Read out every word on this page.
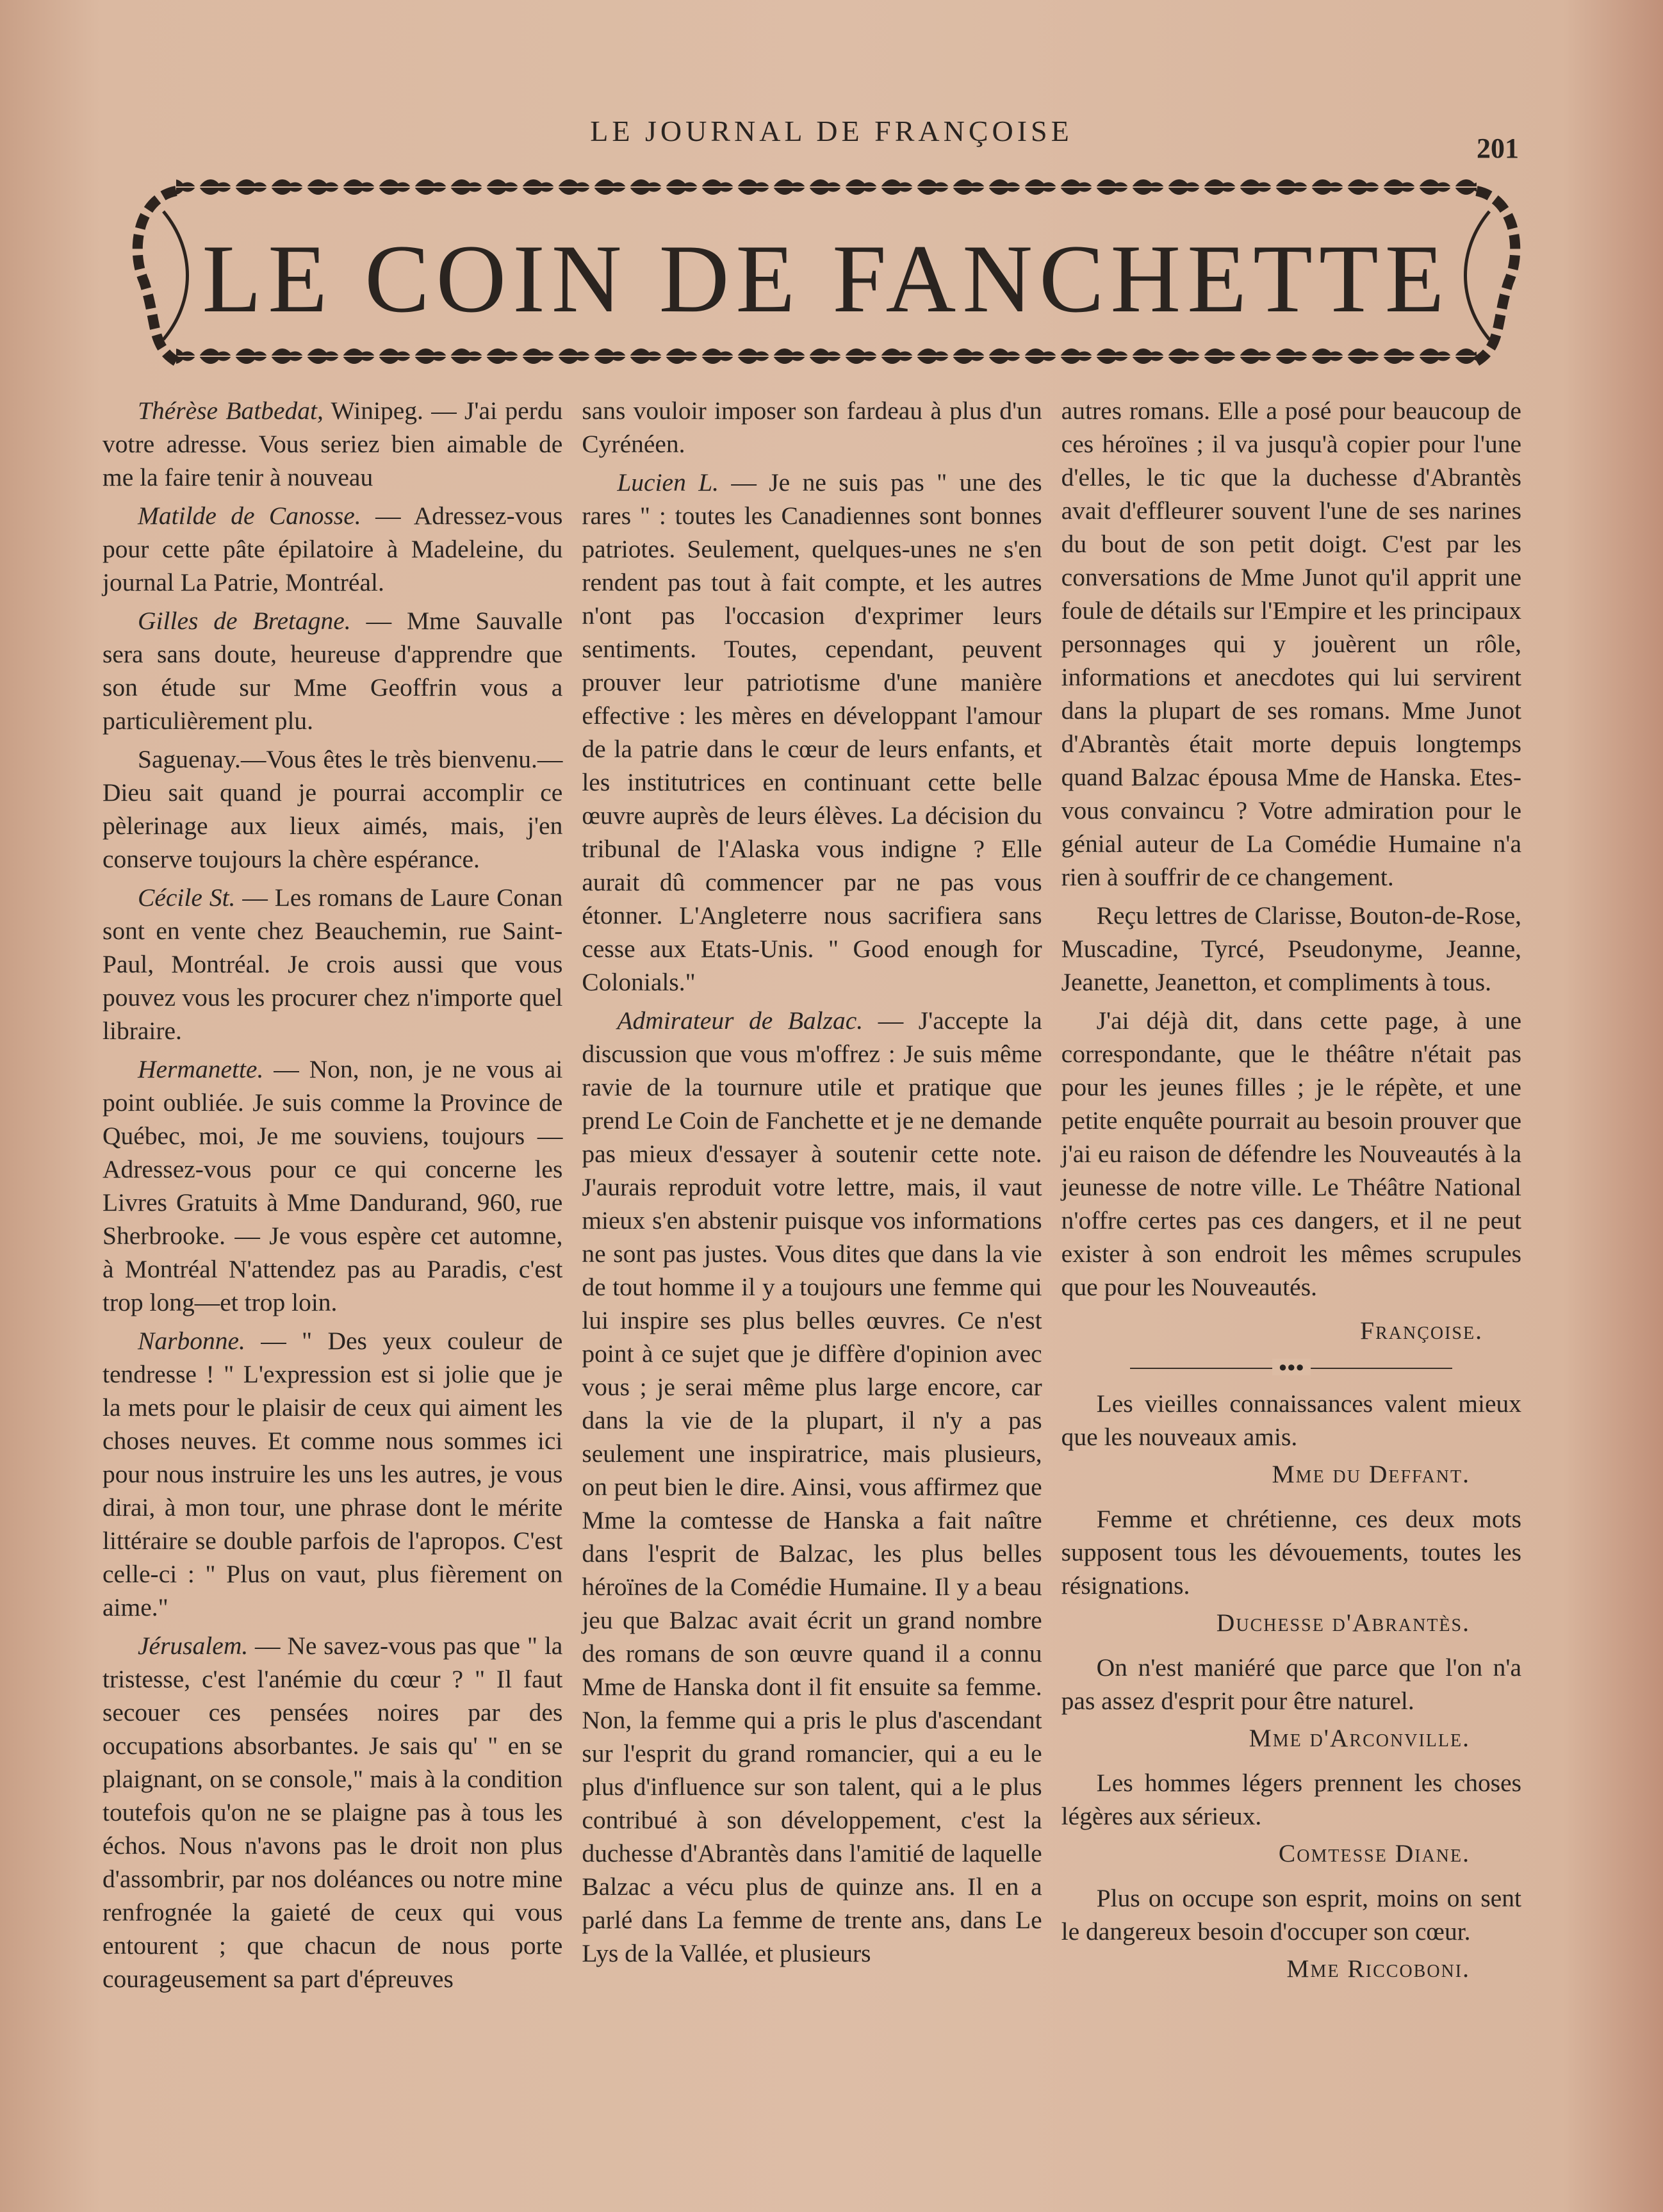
LE JOURNAL DE FRANÇOISE
201
LE COIN DE FANCHETTE

Thérèse Batbedat, Winipeg. — J'ai perdu votre adresse. Vous seriez bien aimable de me la faire tenir à nouveau

Matilde de Canosse. — Adressez-vous pour cette pâte épilatoire à Madeleine, du journal La Patrie, Montréal.

Gilles de Bretagne. — Mme Sauvalle sera sans doute, heureuse d'apprendre que son étude sur Mme Geoffrin vous a particulièrement plu.

Saguenay.—Vous êtes le très bienvenu.—Dieu sait quand je pourrai accomplir ce pèlerinage aux lieux aimés, mais, j'en conserve toujours la chère espérance.

Cécile St. — Les romans de Laure Conan sont en vente chez Beauchemin, rue Saint-Paul, Montréal. Je crois aussi que vous pouvez vous les procurer chez n'importe quel libraire.

Hermanette. — Non, non, je ne vous ai point oubliée. Je suis comme la Province de Québec, moi, Je me souviens, toujours — Adressez-vous pour ce qui concerne les Livres Gratuits à Mme Dandurand, 960, rue Sherbrooke. — Je vous espère cet automne, à Montréal N'attendez pas au Paradis, c'est trop long—et trop loin.

Narbonne. — " Des yeux couleur de tendresse ! " L'expression est si jolie que je la mets pour le plaisir de ceux qui aiment les choses neuves. Et comme nous sommes ici pour nous instruire les uns les autres, je vous dirai, à mon tour, une phrase dont le mérite littéraire se double parfois de l'apropos. C'est celle-ci : " Plus on vaut, plus fièrement on aime."

Jérusalem. — Ne savez-vous pas que " la tristesse, c'est l'anémie du cœur ? " Il faut secouer ces pensées noires par des occupations absorbantes. Je sais qu' " en se plaignant, on se console," mais à la condition toutefois qu'on ne se plaigne pas à tous les échos. Nous n'avons pas le droit non plus d'assombrir, par nos doléances ou notre mine renfrognée la gaieté de ceux qui vous entourent ; que chacun de nous porte courageusement sa part d'épreuves

sans vouloir imposer son fardeau à plus d'un Cyrénéen.

Lucien L. — Je ne suis pas " une des rares " : toutes les Canadiennes sont bonnes patriotes. Seulement, quelques-unes ne s'en rendent pas tout à fait compte, et les autres n'ont pas l'occasion d'exprimer leurs sentiments. Toutes, cependant, peuvent prouver leur patriotisme d'une manière effective : les mères en développant l'amour de la patrie dans le cœur de leurs enfants, et les institutrices en continuant cette belle œuvre auprès de leurs élèves. La décision du tribunal de l'Alaska vous indigne ? Elle aurait dû commencer par ne pas vous étonner. L'Angleterre nous sacrifiera sans cesse aux Etats-Unis. " Good enough for Colonials."

Admirateur de Balzac. — J'accepte la discussion que vous m'offrez : Je suis même ravie de la tournure utile et pratique que prend Le Coin de Fanchette et je ne demande pas mieux d'essayer à soutenir cette note. J'aurais reproduit votre lettre, mais, il vaut mieux s'en abstenir puisque vos informations ne sont pas justes. Vous dites que dans la vie de tout homme il y a toujours une femme qui lui inspire ses plus belles œuvres. Ce n'est point à ce sujet que je diffère d'opinion avec vous ; je serai même plus large encore, car dans la vie de la plupart, il n'y a pas seulement une inspiratrice, mais plusieurs, on peut bien le dire. Ainsi, vous affirmez que Mme la comtesse de Hanska a fait naître dans l'esprit de Balzac, les plus belles héroïnes de la Comédie Humaine. Il y a beau jeu que Balzac avait écrit un grand nombre des romans de son œuvre quand il a connu Mme de Hanska dont il fit ensuite sa femme. Non, la femme qui a pris le plus d'ascendant sur l'esprit du grand romancier, qui a eu le plus d'influence sur son talent, qui a le plus contribué à son développement, c'est la duchesse d'Abrantès dans l'amitié de laquelle Balzac a vécu plus de quinze ans. Il en a parlé dans La femme de trente ans, dans Le Lys de la Vallée, et plusieurs

autres romans. Elle a posé pour beaucoup de ces héroïnes ; il va jusqu'à copier pour l'une d'elles, le tic que la duchesse d'Abrantès avait d'effleurer souvent l'une de ses narines du bout de son petit doigt. C'est par les conversations de Mme Junot qu'il apprit une foule de détails sur l'Empire et les principaux personnages qui y jouèrent un rôle, informations et anecdotes qui lui servirent dans la plupart de ses romans. Mme Junot d'Abrantès était morte depuis longtemps quand Balzac épousa Mme de Hanska. Etes-vous convaincu ? Votre admiration pour le génial auteur de La Comédie Humaine n'a rien à souffrir de ce changement.

Reçu lettres de Clarisse, Bouton-de-Rose, Muscadine, Tyrcé, Pseudonyme, Jeanne, Jeanette, Jeanetton, et compliments à tous.

J'ai déjà dit, dans cette page, à une correspondante, que le théâtre n'était pas pour les jeunes filles ; je le répète, et une petite enquête pourrait au besoin prouver que j'ai eu raison de défendre les Nouveautés à la jeunesse de notre ville. Le Théâtre National n'offre certes pas ces dangers, et il ne peut exister à son endroit les mêmes scrupules que pour les Nouveautés.

Françoise.
●●●

Les vieilles connaissances valent mieux que les nouveaux amis.

Mme du Deffant.

Femme et chrétienne, ces deux mots supposent tous les dévouements, toutes les résignations.

Duchesse d'Abrantès.

On n'est maniéré que parce que l'on n'a pas assez d'esprit pour être naturel.

Mme d'Arconville.

Les hommes légers prennent les choses légères aux sérieux.

Comtesse Diane.

Plus on occupe son esprit, moins on sent le dangereux besoin d'occuper son cœur.

Mme Riccoboni.
